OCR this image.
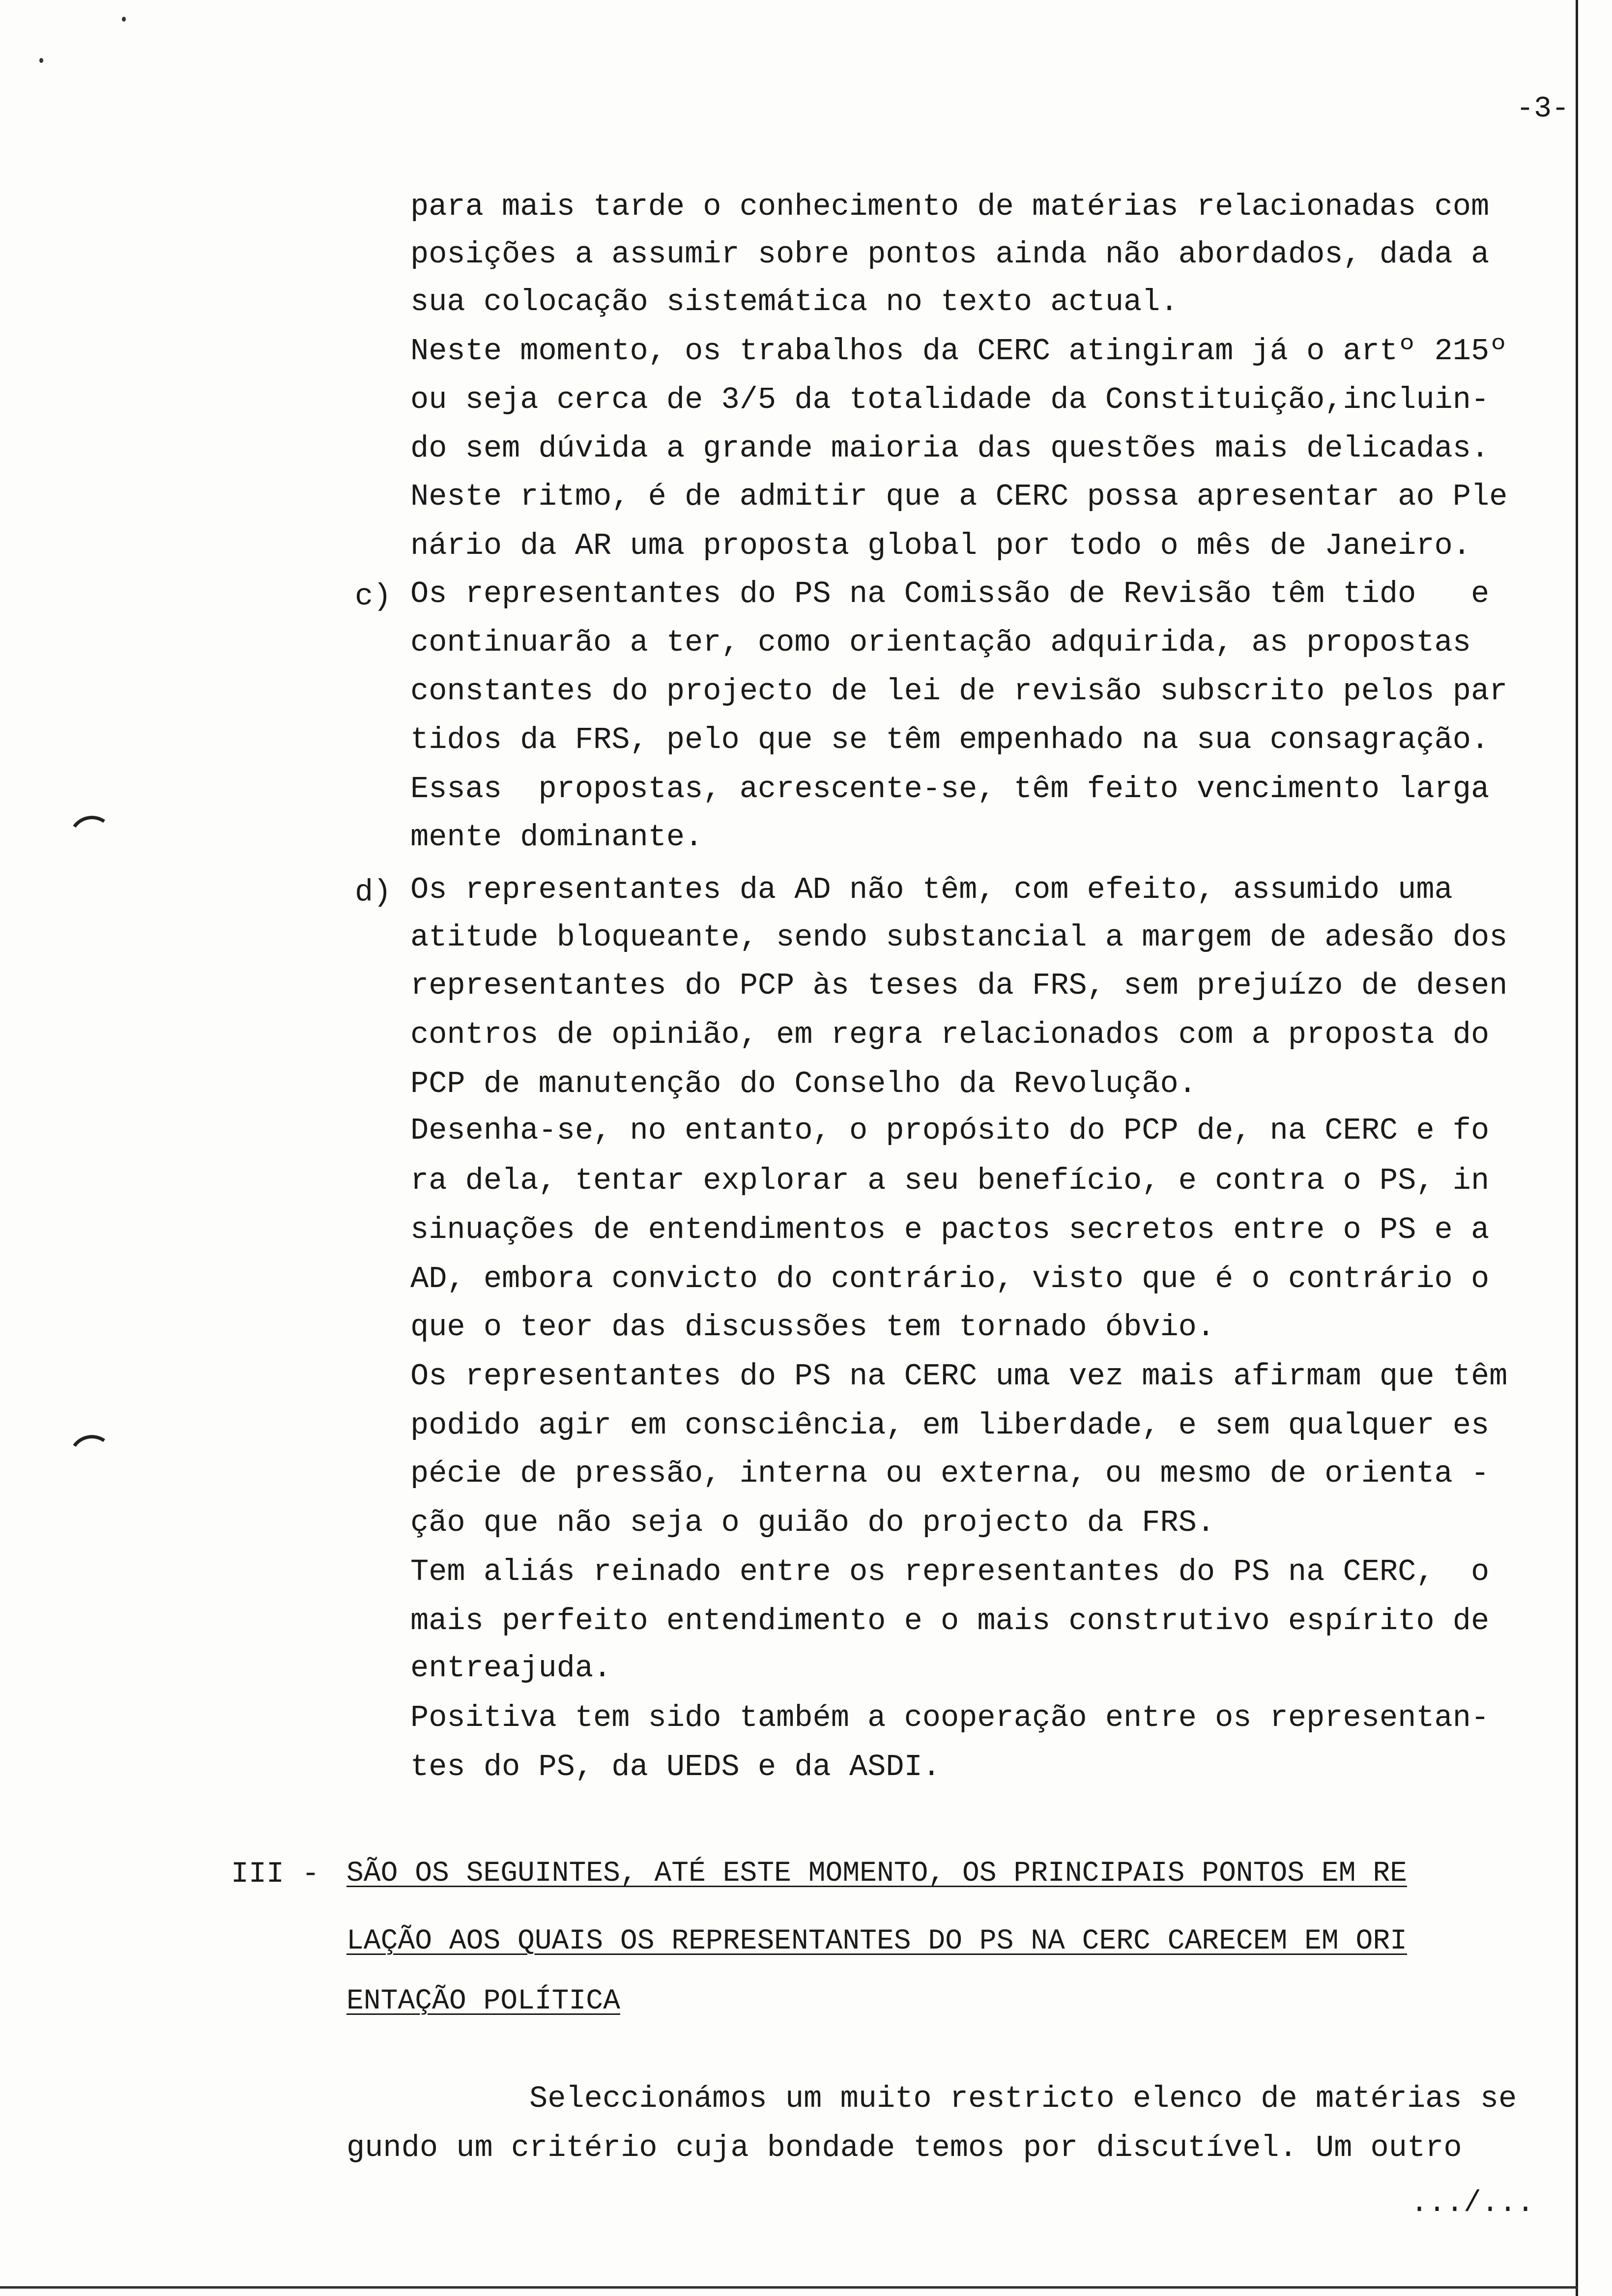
-3-

para mais tarde o conhecimento de matérias relacionadas com

posições a assumir sobre pontos ainda não abordados, dada a

sua colocação sistemática no texto actual.

Neste momento, os trabalhos da CERC atingiram já o artº 215º

ou seja cerca de 3/5 da totalidade da Constituição,incluin-

do sem dúvida a grande maioria das questões mais delicadas.

Neste ritmo, é de admitir que a CERC possa apresentar ao Ple

nário da AR uma proposta global por todo o mês de Janeiro.

c) Os representantes do PS na Comissão de Revisão têm tido   e

continuarão a ter, como orientação adquirida, as propostas

constantes do projecto de lei de revisão subscrito pelos par

tidos da FRS, pelo que se têm empenhado na sua consagração.

Essas  propostas, acrescente-se, têm feito vencimento larga

mente dominante.

d) Os representantes da AD não têm, com efeito, assumido uma

atitude bloqueante, sendo substancial a margem de adesão dos

representantes do PCP às teses da FRS, sem prejuízo de desen

contros de opinião, em regra relacionados com a proposta do

PCP de manutenção do Conselho da Revolução.

Desenha-se, no entanto, o propósito do PCP de, na CERC e fo

ra dela, tentar explorar a seu benefício, e contra o PS, in

sinuações de entendimentos e pactos secretos entre o PS e a

AD, embora convicto do contrário, visto que é o contrário o

que o teor das discussões tem tornado óbvio.

Os representantes do PS na CERC uma vez mais afirmam que têm

podido agir em consciência, em liberdade, e sem qualquer es

pécie de pressão, interna ou externa, ou mesmo de orienta -

ção que não seja o guião do projecto da FRS.

Tem aliás reinado entre os representantes do PS na CERC,  o

mais perfeito entendimento e o mais construtivo espírito de

entreajuda.

Positiva tem sido também a cooperação entre os representan-

tes do PS, da UEDS e da ASDI.

III - SÃO OS SEGUINTES, ATÉ ESTE MOMENTO, OS PRINCIPAIS PONTOS EM RE

LAÇÃO AOS QUAIS OS REPRESENTANTES DO PS NA CERC CARECEM EM ORI

ENTAÇÃO POLÍTICA

Seleccionámos um muito restricto elenco de matérias se

gundo um critério cuja bondade temos por discutível. Um outro

.../...
